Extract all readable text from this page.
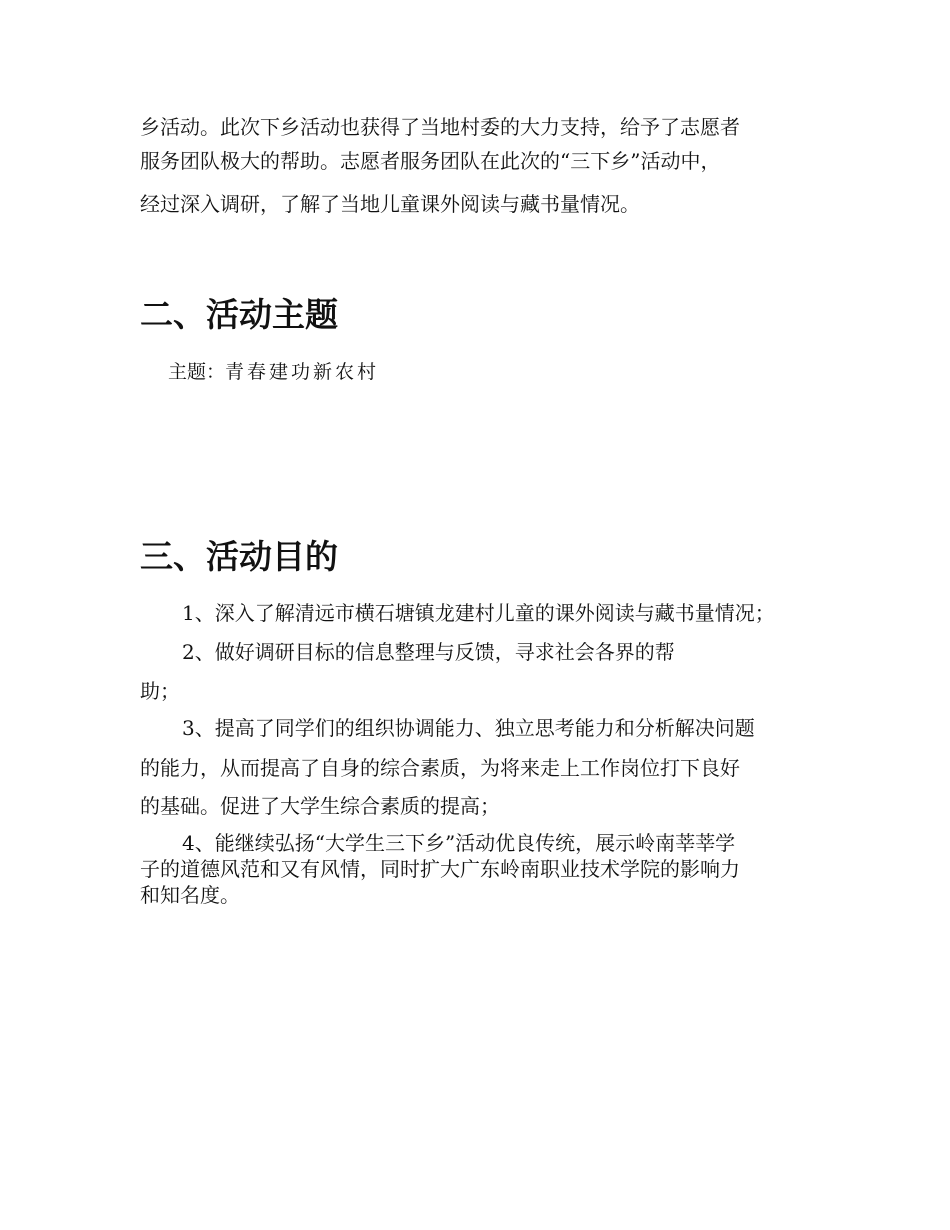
乡活动。此次下乡活动也获得了当地村委的大力支持，给予了志愿者
服务团队极大的帮助。志愿者服务团队在此次的“三下乡”活动中，
经过深入调研，了解了当地儿童课外阅读与藏书量情况。
二、活动主题
主题：青春建功新农村
三、活动目的
1、深入了解清远市横石塘镇龙建村儿童的课外阅读与藏书量情况；
2、做好调研目标的信息整理与反馈，寻求社会各界的帮
助；
3、提高了同学们的组织协调能力、独立思考能力和分析解决问题
的能力，从而提高了自身的综合素质，为将来走上工作岗位打下良好
的基础。促进了大学生综合素质的提高；
4、能继续弘扬“大学生三下乡”活动优良传统，展示岭南莘莘学
子的道德风范和又有风情，同时扩大广东岭南职业技术学院的影响力
和知名度。
